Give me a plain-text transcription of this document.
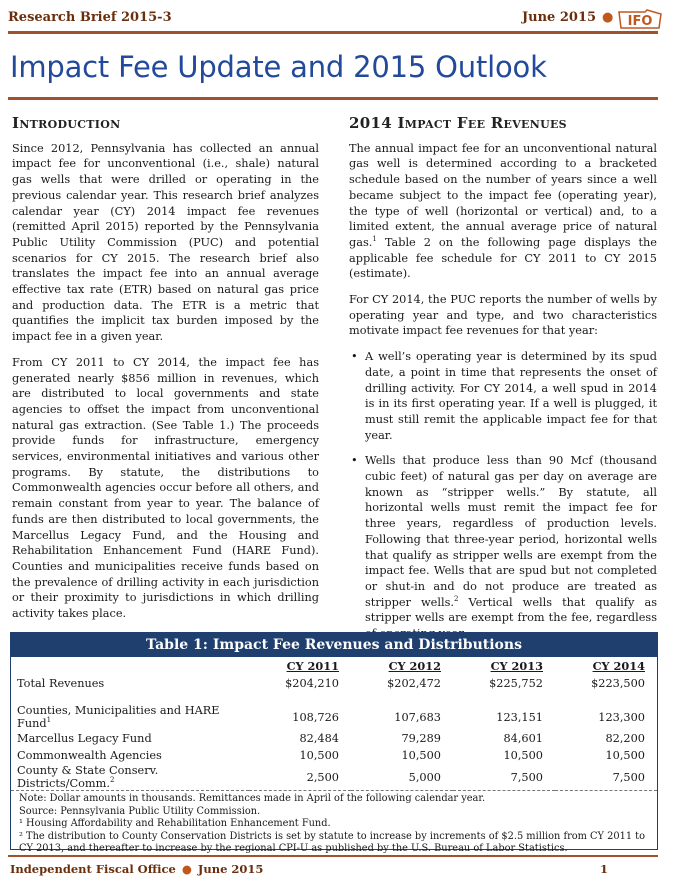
Research Brief 2015-3	June 2015 ● IFO
Impact Fee Update and 2015 Outlook
Introduction

Since 2012, Pennsylvania has collected an annual impact fee for unconventional (i.e., shale) natural gas wells that were drilled or operating in the previous calendar year. This research brief analyzes calendar year (CY) 2014 impact fee revenues (remitted April 2015) reported by the Pennsylvania Public Utility Commission (PUC) and potential scenarios for CY 2015. The research brief also translates the impact fee into an annual average effective tax rate (ETR) based on natural gas price and production data. The ETR is a metric that quantifies the implicit tax burden imposed by the impact fee in a given year.

From CY 2011 to CY 2014, the impact fee has generated nearly $856 million in revenues, which are distributed to local governments and state agencies to offset the impact from unconventional natural gas extraction. (See Table 1.) The proceeds provide funds for infrastructure, emergency services, environmental initiatives and various other programs. By statute, the distributions to Commonwealth agencies occur before all others, and remain constant from year to year. The balance of funds are then distributed to local governments, the Marcellus Legacy Fund, and the Housing and Rehabilitation Enhancement Fund (HARE Fund). Counties and municipalities receive funds based on the prevalence of drilling activity in each jurisdiction or their proximity to jurisdictions in which drilling activity takes place.

2014 Impact Fee Revenues

The annual impact fee for an unconventional natural gas well is determined according to a bracketed schedule based on the number of years since a well became subject to the impact fee (operating year), the type of well (horizontal or vertical) and, to a limited extent, the annual average price of natural gas.$^1$ Table 2 on the following page displays the applicable fee schedule for CY 2011 to CY 2015 (estimate).

For CY 2014, the PUC reports the number of wells by operating year and type, and two characteristics motivate impact fee revenues for that year:

• A well’s operating year is determined by its spud date, a point in time that represents the onset of drilling activity. For CY 2014, a well spud in 2014 is in its first operating year. If a well is plugged, it must still remit the applicable impact fee for that year.
• Wells that produce less than 90 Mcf (thousand cubic feet) of natural gas per day on average are known as “stripper wells.” By statute, all horizontal wells must remit the impact fee for three years, regardless of production levels. Following that three-year period, horizontal wells that qualify as stripper wells are exempt from the impact fee. Wells that are spud but not completed or shut-in and do not produce are treated as stripper wells.$^2$ Vertical wells that qualify as stripper wells are exempt from the fee, regardless
Table 1: Impact Fee Revenues and Distributions
	CY 2011	CY 2012	CY 2013	CY 2014
Total Revenues	$204,210	$202,472	$225,752	$223,500

Counties, Municipalities and HARE Fund$^1$	108,726	107,683	123,151	123,300
Marcellus Legacy Fund	82,484	79,289	84,601	82,200
Commonwealth Agencies	10,500	10,500	10,500	10,500
County & State Conserv. Districts/Comm.$^2$	2,500	5,000	7,500	7,500
Note: Dollar amounts in thousands. Remittances made in April of the following calendar year.
Source: Pennsylvania Public Utility Commission.
¹ Housing Affordability and Rehabilitation Enhancement Fund.
² The distribution to County Conservation Districts is set by statute to increase by increments of $2.5 million from CY 2011 to CY 2013, and thereafter to increase by the regional CPI-U as published by the U.S. Bureau of Labor Statistics.
Independent Fiscal Office ● June 2015	1
